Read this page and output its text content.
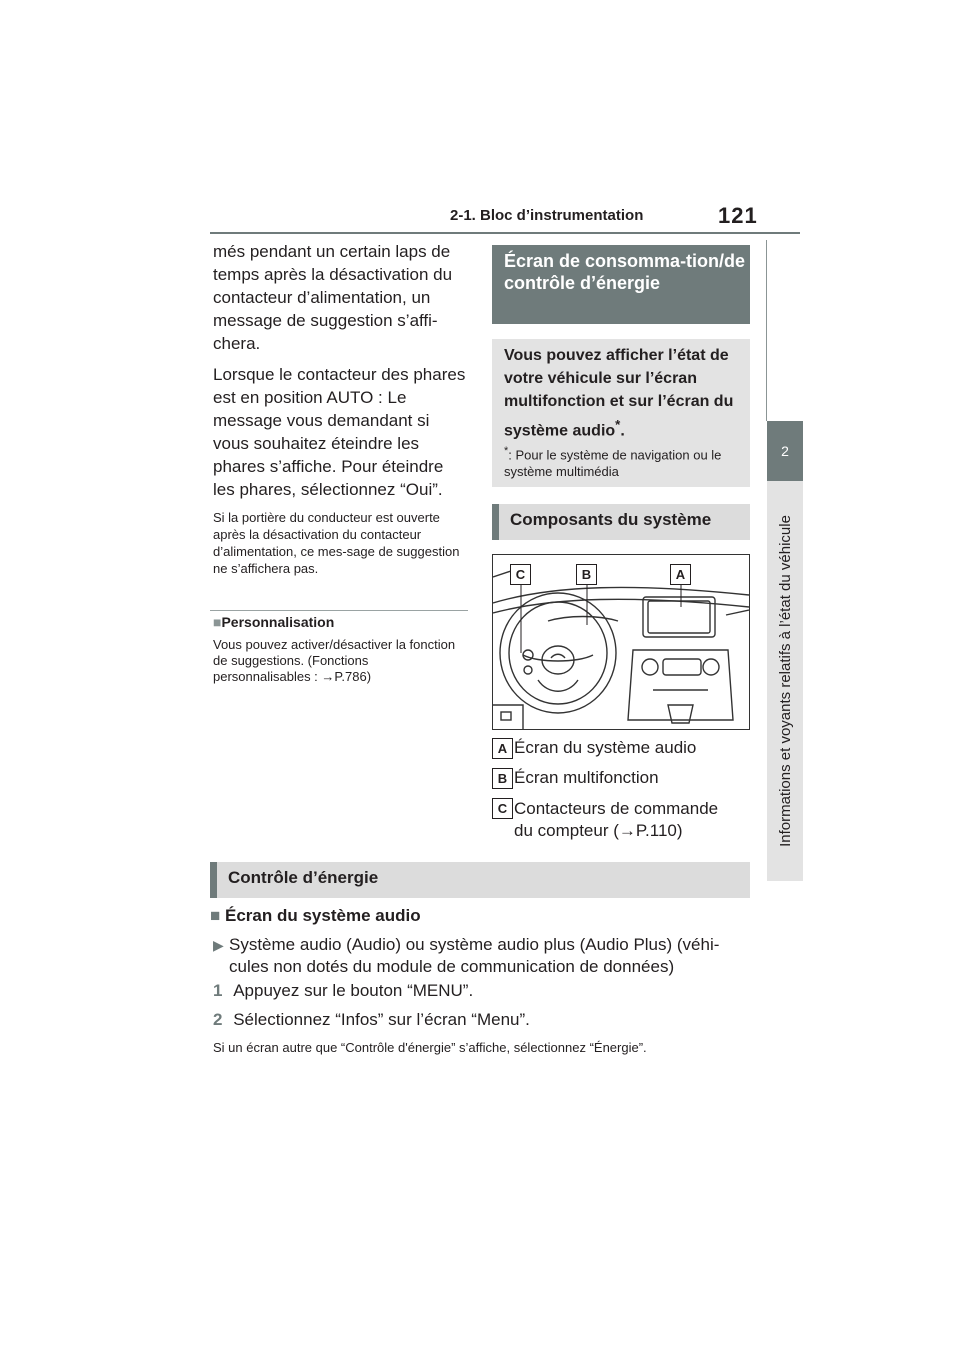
2-1. Bloc d’instrumentation	121
2
Informations et voyants relatifs à l’état du véhicule

més pendant un certain laps de temps après la désactivation du contacteur d’alimentation, un message de suggestion s’affi-chera.

Lorsque le contacteur des phares est en position AUTO : Le message vous demandant si vous souhaitez éteindre les phares s’affiche. Pour éteindre les phares, sélectionnez “Oui”.

Si la portière du conducteur est ouverte après la désactivation du contacteur d’alimentation, ce mes-sage de suggestion ne s’affichera pas.

■Personnalisation
Vous pouvez activer/désactiver la fonction de suggestions. (Fonctions personnalisables : →P.786)
Écran de consomma-tion/de contrôle d’énergie
Vous pouvez afficher l’état de votre véhicule sur l’écran multifonction et sur l’écran du système audio*.
*: Pour le système de navigation ou le système multimédia
Composants du système
A
B
C
A Écran du système audio
B Écran multifonction
C Contacteurs de commande du compteur (→P.110)
Contrôle d’énergie
■ Écran du système audio
▶ Système audio (Audio) ou système audio plus (Audio Plus) (véhi-cules non dotés du module de communication de données)
1 Appuyez sur le bouton “MENU”.
2 Sélectionnez “Infos” sur l’écran “Menu”.
Si un écran autre que “Contrôle d'énergie” s’affiche, sélectionnez “Énergie”.
